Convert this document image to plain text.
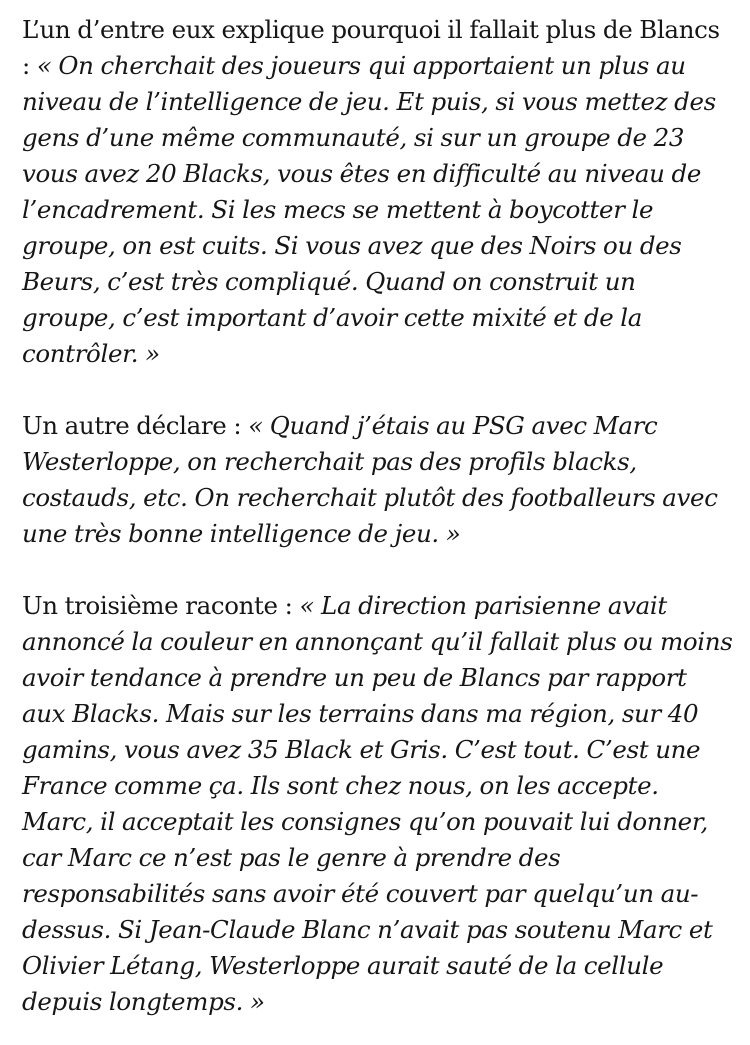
L’un d’entre eux explique pourquoi il fallait plus de Blancs : « On cherchait des joueurs qui apportaient un plus au niveau de l’intelligence de jeu. Et puis, si vous mettez des gens d’une même communauté, si sur un groupe de 23 vous avez 20 Blacks, vous êtes en difficulté au niveau de l’encadrement. Si les mecs se mettent à boycotter le groupe, on est cuits. Si vous avez que des Noirs ou des Beurs, c’est très compliqué. Quand on construit un groupe, c’est important d’avoir cette mixité et de la contrôler. »

Un autre déclare : « Quand j’étais au PSG avec Marc Westerloppe, on recherchait pas des profils blacks, costauds, etc. On recherchait plutôt des footballeurs avec une très bonne intelligence de jeu. »

Un troisième raconte : « La direction parisienne avait annoncé la couleur en annonçant qu’il fallait plus ou moins avoir tendance à prendre un peu de Blancs par rapport aux Blacks. Mais sur les terrains dans ma région, sur 40 gamins, vous avez 35 Black et Gris. C’est tout. C’est une France comme ça. Ils sont chez nous, on les accepte. Marc, il acceptait les consignes qu’on pouvait lui donner, car Marc ce n’est pas le genre à prendre des responsabilités sans avoir été couvert par quelqu’un au-dessus. Si Jean-Claude Blanc n’avait pas soutenu Marc et Olivier Létang, Westerloppe aurait sauté de la cellule depuis longtemps. »
